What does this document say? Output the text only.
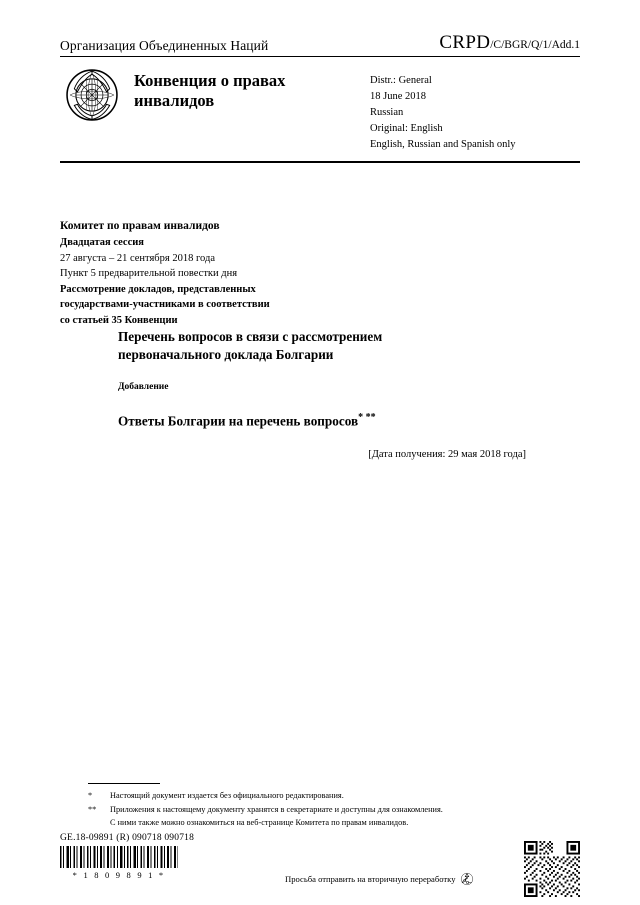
Организация Объединенных Наций	CRPD/C/BGR/Q/1/Add.1
Конвенция о правах инвалидов
Distr.: General
18 June 2018
Russian
Original: English
English, Russian and Spanish only
Комитет по правам инвалидов
Двадцатая сессия
27 августа – 21 сентября 2018 года
Пункт 5 предварительной повестки дня
Рассмотрение докладов, представленных
государствами-участниками в соответствии
со статьей 35 Конвенции
Перечень вопросов в связи с рассмотрением
первоначального доклада Болгарии
Добавление
Ответы Болгарии на перечень вопросов* **
[Дата получения: 29 мая 2018 года]
*	Настоящий документ издается без официального редактирования.
**	Приложения к настоящему документу хранятся в секретариате и доступны для ознакомления.
С ними также можно ознакомиться на веб-странице Комитета по правам инвалидов.
GE.18-09891 (R) 090718 090718
* 1 8 0 9 8 9 1 *	Просьба отправить на вторичную переработку
